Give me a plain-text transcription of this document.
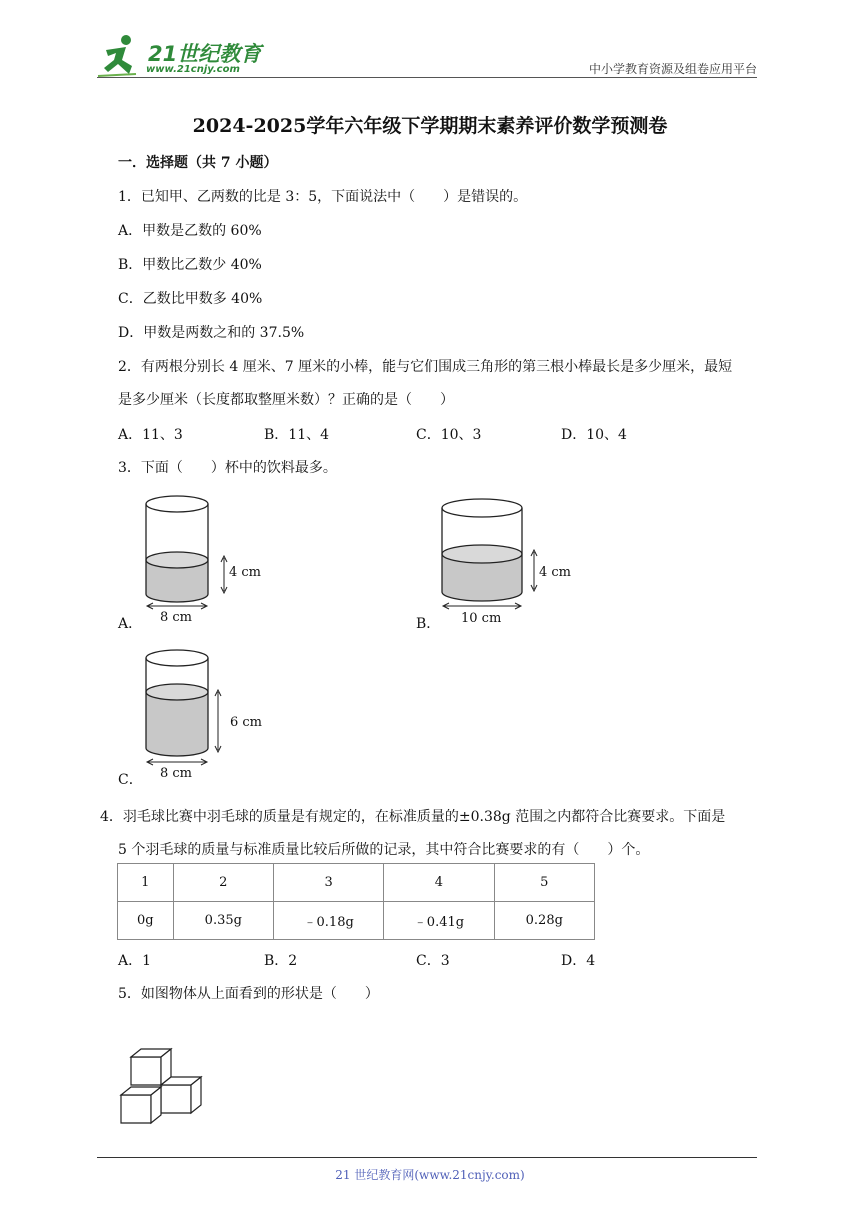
21世纪教育
www.21cnjy.com	中小学教育资源及组卷应用平台
2024-2025学年六年级下学期期末素养评价数学预测卷
一．选择题（共 7 小题）
1．已知甲、乙两数的比是 3：5，下面说法中（　　）是错误的。
A．甲数是乙数的 60%
B．甲数比乙数少 40%
C．乙数比甲数多 40%
D．甲数是两数之和的 37.5%
2．有两根分别长 4 厘米、7 厘米的小棒，能与它们围成三角形的第三根小棒最长是多少厘米，最短
是多少厘米（长度都取整厘米数）？正确的是（　　）
A．11、3	B．11、4	C．10、3	D．10、4
3．下面（　　）杯中的饮料最多。
A．
4 cm
8 cm	B．
4 cm
10 cm
C．
6 cm
8 cm
4．羽毛球比赛中羽毛球的质量是有规定的，在标准质量的±0.38g 范围之内都符合比赛要求。下面是
5 个羽毛球的质量与标准质量比较后所做的记录，其中符合比赛要求的有（　　）个。
1	2	3	4	5
0g	0.35g	﹣0.18g	﹣0.41g	0.28g
A．1	B．2	C．3	D．4
5．如图物体从上面看到的形状是（　　）
21 世纪教育网(www.21cnjy.com)
